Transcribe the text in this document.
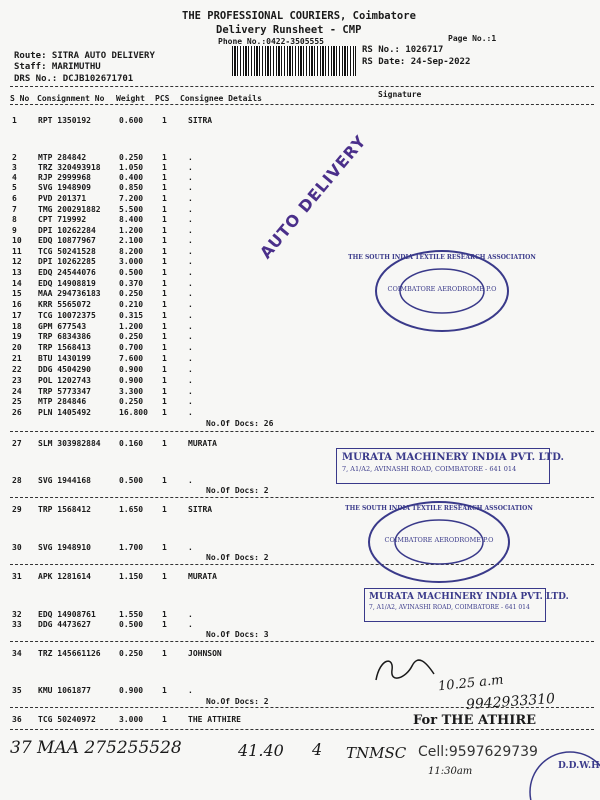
THE PROFESSIONAL COURIERS, Coimbatore
Delivery Runsheet - CMP
Phone No.:0422-3505555	Page No.:1
Route: SITRA AUTO DELIVERY
Staff: MARIMUTHU
DRS No.: DCJB102671701
RS No.: 1026717
RS Date: 24-Sep-2022
S No Consignment No Weight PCS Consignee Details	Signature
1	RPT 1350192	0.600 1	SITRA
2	MTP 284842	0.250 1	.
3	TRZ 320493918 1.050 1	.
4	RJP 2999968	0.400 1	.
5	SVG 1948909	0.850 1	.
6	PVD 201371	7.200 1	.
7	TMG 200291882 5.500 1	.
8	CPT 719992	8.400 1	.
9	DPI 10262284	1.200 1	.
10 EDQ 10877967	2.100 1	.
11 TCG 50241528	8.200 1	.
12 DPI 10262285	3.000 1	.
13 EDQ 24544076	0.500 1	.
14 EDQ 14908819	0.370 1	.
15 MAA 294736183 0.250 1	.
16 KRR 5565072	0.210 1	.
17 TCG 10072375	0.315 1	.
18 GPM 677543	1.200 1	.
19 TRP 6834386	0.250 1	.
20 TRP 1568413	0.700 1	.
21 BTU 1430199	7.600 1	.
22 DDG 4504290	0.900 1	.
23 POL 1202743	0.900 1	.
24 TRP 5773347	3.300 1	.
25 MTP 284846	0.250 1	.
26 PLN 1405492	16.800 1	.
No.Of Docs: 26
27 SLM 303982884 0.160 1	MURATA
28 SVG 1944168	0.500 1	.
No.Of Docs: 2
29 TRP 1568412	1.650 1	SITRA
30 SVG 1948910	1.700 1	.
No.Of Docs: 2
31 APK 1281614	1.150 1	MURATA
32 EDQ 14908761	1.550 1	.
33 DDG 4473627	0.500 1	.
No.Of Docs: 3
34 TRZ 145661126 0.250 1	JOHNSON
35 KMU 1061877	0.900 1	.
No.Of Docs: 2
36 TCG 50240972	3.000 1	THE ATTHIRE
AUTO DELIVERY
THE SOUTH INDIA TEXTILE RESEARCH ASSOCIATION
COIMBATORE AERODROME P.O
MURATA MACHINERY INDIA PVT. LTD.
7, A1/A2, AVINASHI ROAD, COIMBATORE - 641 014
THE SOUTH INDIA TEXTILE RESEARCH ASSOCIATION
COIMBATORE AERODROME P.O
MURATA MACHINERY INDIA PVT. LTD.
7, A1/A2, AVINASHI ROAD, COIMBATORE - 641 014
10.25 a.m
9942933310
For THE ATHIRE
37 MAA 275255528	41.40 4 TNMSC Cell:9597629739
11:30am	D.D.W.H
